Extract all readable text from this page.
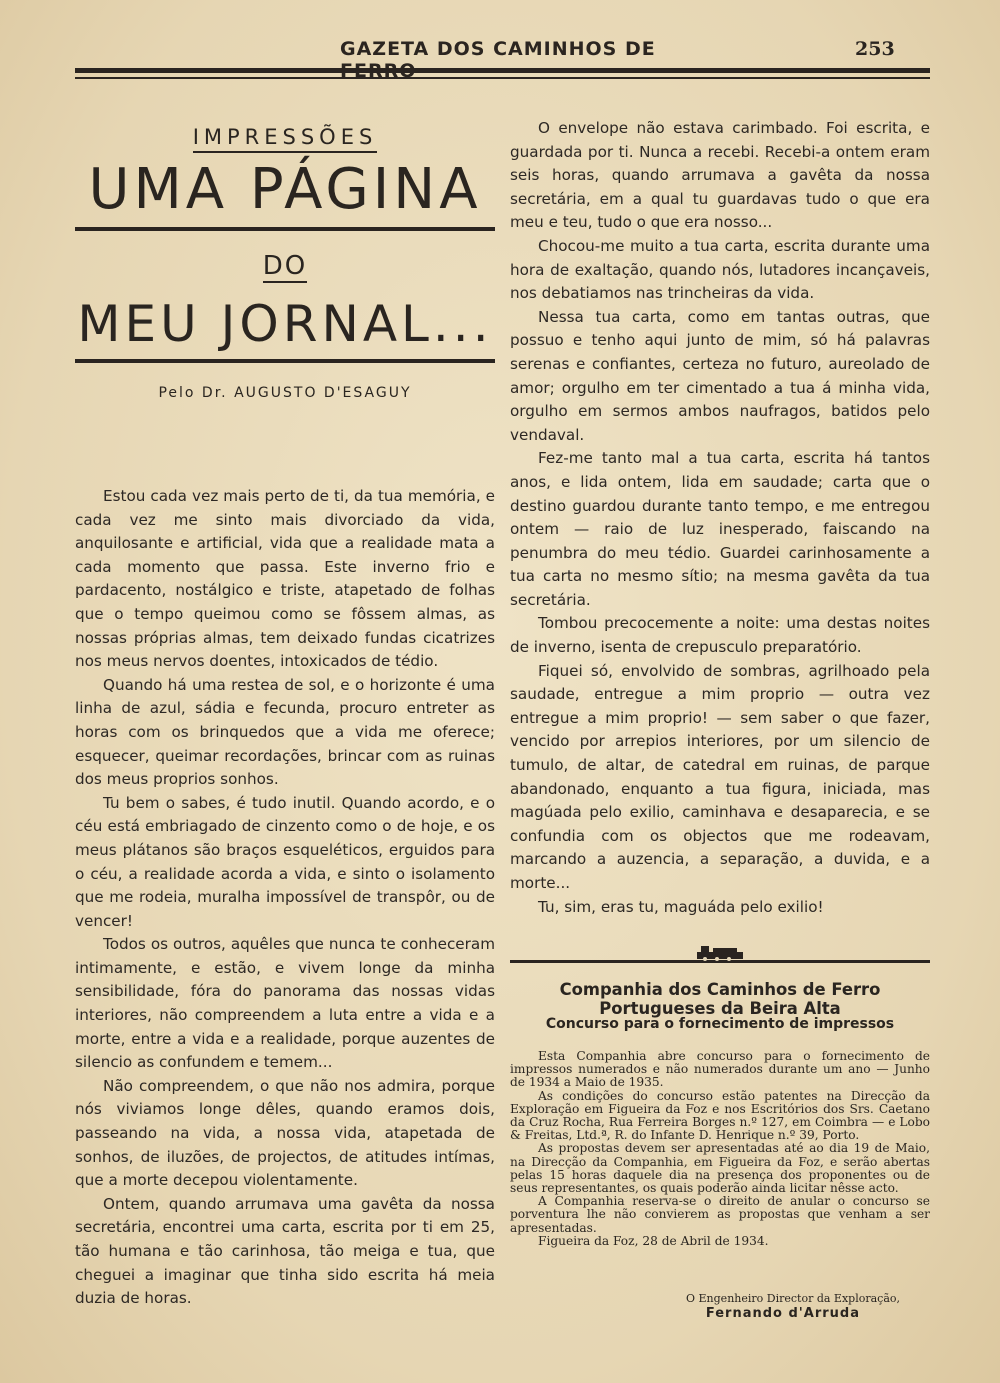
GAZETA DOS CAMINHOS DE	253
IMPRESSÕES
UMA PÁGINA
DO
MEU JORNAL...
Pelo Dr. AUGUSTO D'ESAGUY

Estou cada vez mais perto de ti, da tua memória, e cada vez me sinto mais divorciado da vida, anquilosante e artificial, vida que a realidade mata a cada momento que passa. Este inverno frio e pardacento, nostálgico e triste, atapetado de folhas que o tempo queimou como se fôssem almas, as nossas próprias almas, tem deixado fundas cicatrizes nos meus nervos doentes, intoxicados de tédio.

Quando há uma restea de sol, e o horizonte é uma linha de azul, sádia e fecunda, procuro entreter as horas com os brinquedos que a vida me oferece; esquecer, queimar recordações, brincar com as ruinas dos meus proprios sonhos.

Tu bem o sabes, é tudo inutil. Quando acordo, e o céu está embriagado de cinzento como o de hoje, e os meus plátanos são braços esqueléticos, erguidos para o céu, a realidade acorda a vida, e sinto o isolamento que me rodeia, muralha impossível de transpôr, ou de vencer!

Todos os outros, aquêles que nunca te conheceram intimamente, e estão, e vivem longe da minha sensibilidade, fóra do panorama das nossas vidas interiores, não compreendem a luta entre a vida e a morte, entre a vida e a realidade, porque auzentes de silencio as confundem e temem...

Não compreendem, o que não nos admira, porque nós viviamos longe dêles, quando eramos dois, passeando na vida, a nossa vida, atapetada de sonhos, de iluzões, de projectos, de atitudes intímas, que a morte decepou violentamente.

Ontem, quando arrumava uma gavêta da nossa secretária, encontrei uma carta, escrita por ti em 25, tão humana e tão carinhosa, tão meiga e tua, que cheguei a imaginar que tinha sido escrita há meia duzia de horas.

O envelope não estava carimbado. Foi escrita, e guardada por ti. Nunca a recebi. Recebi-a ontem eram seis horas, quando arrumava a gavêta da nossa secretária, em a qual tu guardavas tudo o que era meu e teu, tudo o que era nosso...

Chocou-me muito a tua carta, escrita durante uma hora de exaltação, quando nós, lutadores incançaveis, nos debatiamos nas trincheiras da vida.

Nessa tua carta, como em tantas outras, que possuo e tenho aqui junto de mim, só há palavras serenas e confiantes, certeza no futuro, aureolado de amor; orgulho em ter cimentado a tua á minha vida, orgulho em sermos ambos naufragos, batidos pelo vendaval.

Fez-me tanto mal a tua carta, escrita há tantos anos, e lida ontem, lida em saudade; carta que o destino guardou durante tanto tempo, e me entregou ontem — raio de luz inesperado, faiscando na penumbra do meu tédio. Guardei carinhosamente a tua carta no mesmo sítio; na mesma gavêta da tua secretária.

Tombou precocemente a noite: uma destas noites de inverno, isenta de crepusculo preparatório.

Fiquei só, envolvido de sombras, agrilhoado pela saudade, entregue a mim proprio — outra vez entregue a mim proprio! — sem saber o que fazer, vencido por arrepios interiores, por um silencio de tumulo, de altar, de catedral em ruinas, de parque abandonado, enquanto a tua figura, iniciada, mas magúada pelo exilio, caminhava e desaparecia, e se confundia com os objectos que me rodeavam, marcando a auzencia, a separação, a duvida, e a morte...

Tu, sim, eras tu, maguáda pelo exilio!

Companhia dos Caminhos de Ferro Portugueses da Beira Alta
Concurso para o fornecimento de impressos

Esta Companhia abre concurso para o fornecimento de impressos numerados e não numerados durante um ano — Junho de 1934 a Maio de 1935.

As condições do concurso estão patentes na Direcção da Exploração em Figueira da Foz e nos Escritórios dos Srs. Caetano da Cruz Rocha, Rua Ferreira Borges n.º 127, em Coimbra — e Lobo & Freitas, Ltd.ª, R. do Infante D. Henrique n.º 39, Porto.

As propostas devem ser apresentadas até ao dia 19 de Maio, na Direcção da Companhia, em Figueira da Foz, e serão abertas pelas 15 horas daquele dia na presença dos proponentes ou de seus representantes, os quais poderão ainda licitar nêsse acto.

A Companhia reserva-se o direito de anular o concurso se porventura lhe não convierem as propostas que venham a ser apresentadas.

Figueira da Foz, 28 de Abril de 1934.

O Engenheiro Director da Exploração,
Fernando d'Arruda
